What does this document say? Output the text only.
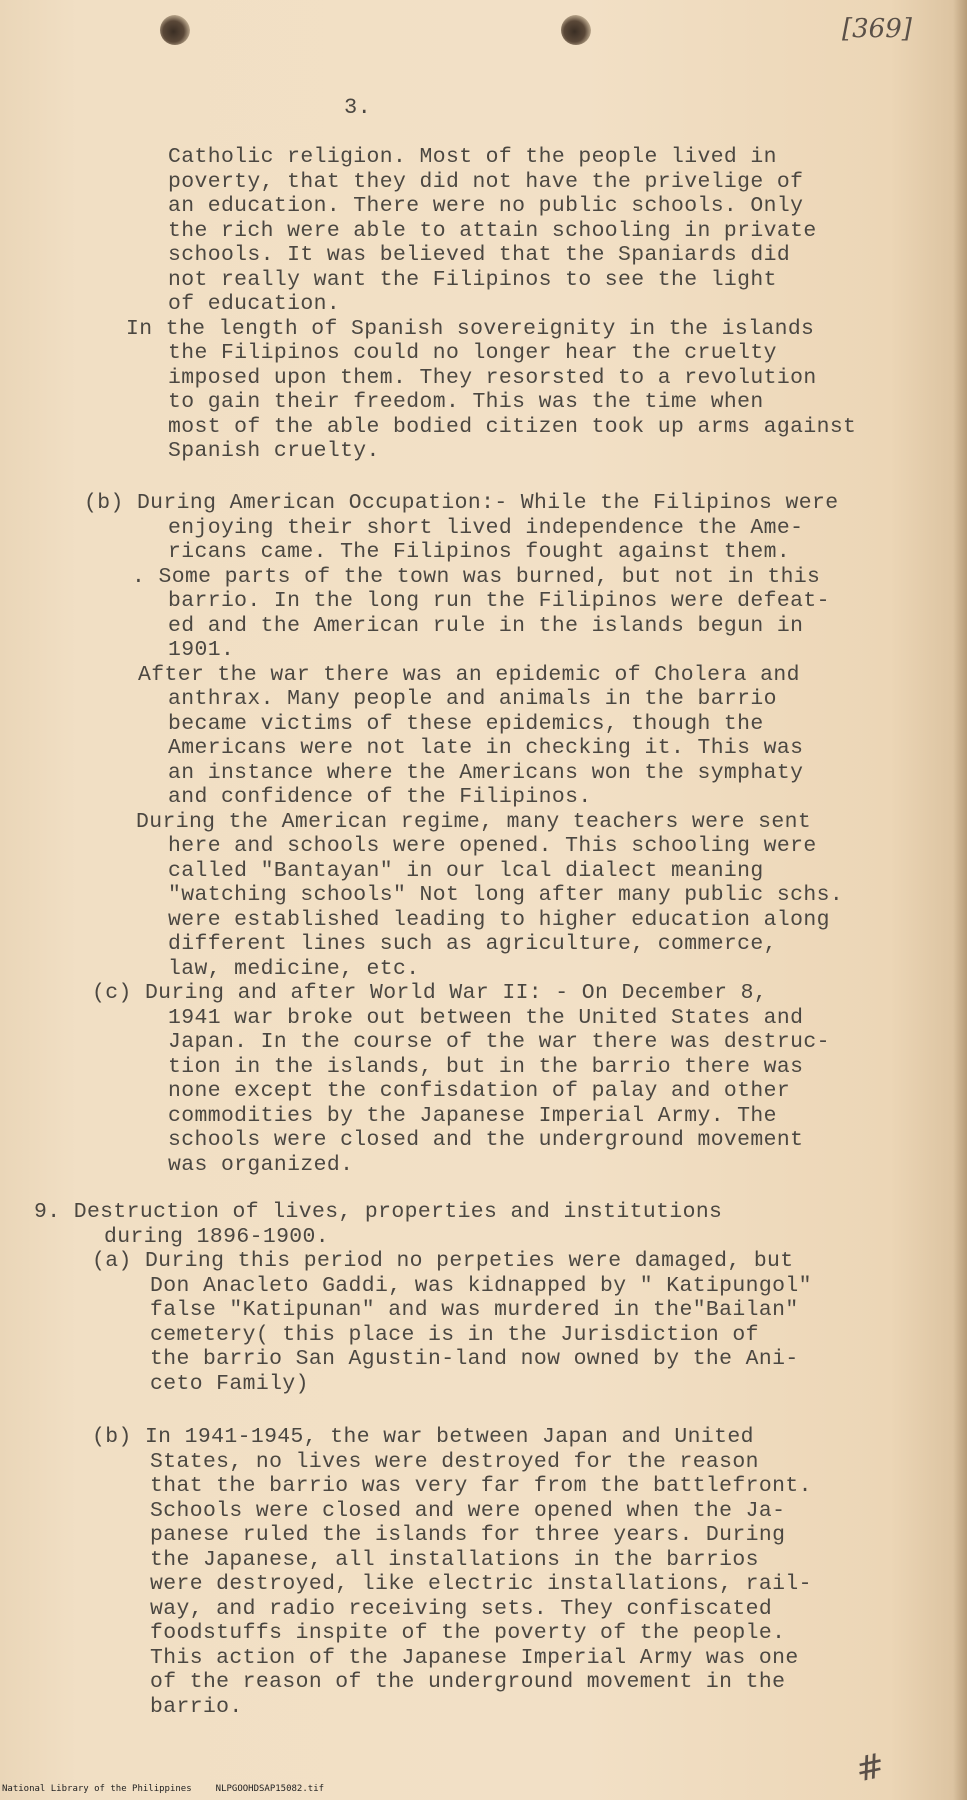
[369]
3.
Catholic religion. Most of the people lived in
poverty, that they did not have the privelige of
an education. There were no public schools. Only
the rich were able to attain schooling in private
schools. It was believed that the Spaniards did
not really want the Filipinos to see the light
of education.
In the length of Spanish sovereignity in the islands
the Filipinos could no longer hear the cruelty
imposed upon them. They resorsted to a revolution
to gain their freedom. This was the time when
most of the able bodied citizen took up arms against
Spanish cruelty.
(b) During American Occupation:- While the Filipinos were
enjoying their short lived independence the Ame-
ricans came. The Filipinos fought against them.
. Some parts of the town was burned, but not in this
barrio. In the long run the Filipinos were defeat-
ed and the American rule in the islands begun in
1901.
After the war there was an epidemic of Cholera and
anthrax. Many people and animals in the barrio
became victims of these epidemics, though the
Americans were not late in checking it. This was
an instance where the Americans won the symphaty
and confidence of the Filipinos.
During the American regime, many teachers were sent
here and schools were opened. This schooling were
called "Bantayan" in our lcal dialect meaning
"watching schools" Not long after many public schs.
were established leading to higher education along
different lines such as agriculture, commerce,
law, medicine, etc.
(c) During and after World War II: - On December 8,
1941 war broke out between the United States and
Japan. In the course of the war there was destruc-
tion in the islands, but in the barrio there was
none except the confisdation of palay and other
commodities by the Japanese Imperial Army. The
schools were closed and the underground movement
was organized.
9. Destruction of lives, properties and institutions
during 1896-1900.
(a) During this period no perpeties were damaged, but
Don Anacleto Gaddi, was kidnapped by " Katipungol"
false "Katipunan" and was murdered in the"Bailan"
cemetery( this place is in the Jurisdiction of
the barrio San Agustin-land now owned by the Ani-
ceto Family)
(b) In 1941-1945, the war between Japan and United
States, no lives were destroyed for the reason
that the barrio was very far from the battlefront.
Schools were closed and were opened when the Ja-
panese ruled the islands for three years. During
the Japanese, all installations in the barrios
were destroyed, like electric installations, rail-
way, and radio receiving sets. They confiscated
foodstuffs inspite of the poverty of the people.
This action of the Japanese Imperial Army was one
of the reason of the underground movement in the
barrio.
#
National Library of the Philippines	NLPGOOHDSAP15082.tif
